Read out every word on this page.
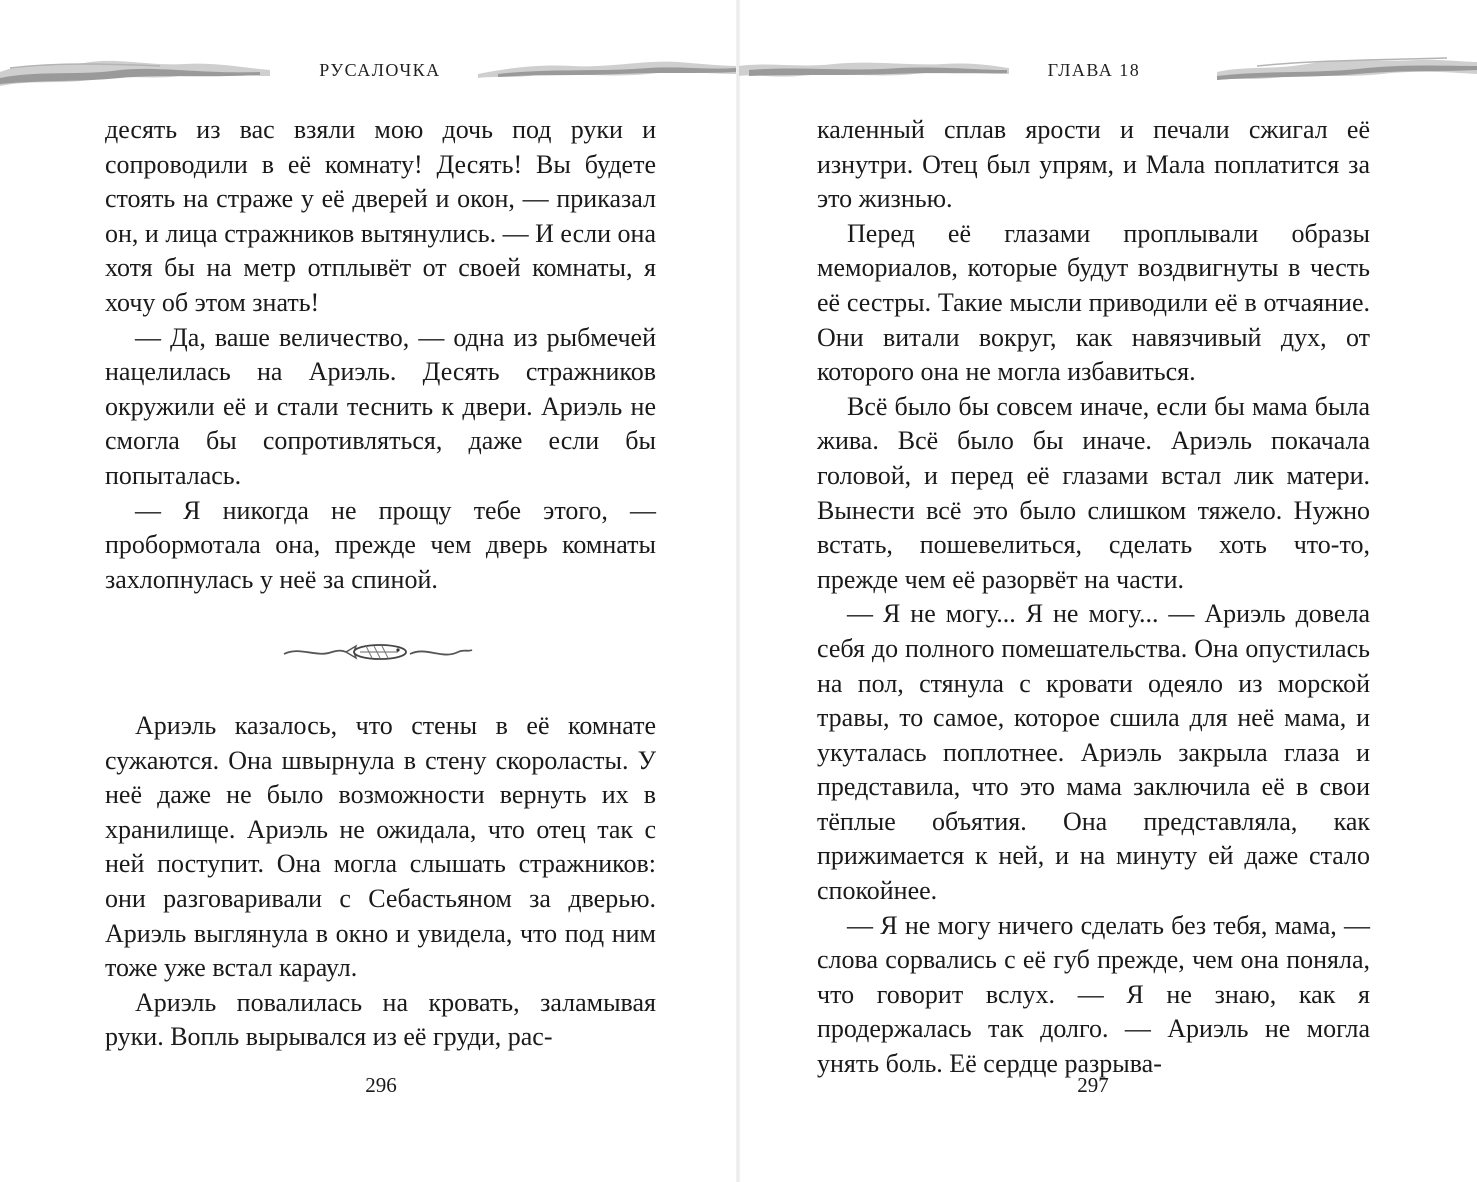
РУСАЛОЧКА

десять из вас взяли мою дочь под руки и сопроводили в её комнату! Десять! Вы будете стоять на страже у её дверей и окон, — приказал он, и лица стражников вытянулись. — И если она хотя бы на метр отплывёт от своей комнаты, я хочу об этом знать!

— Да, ваше величество, — одна из рыбмечей нацелилась на Ариэль. Десять стражников окружили её и стали теснить к двери. Ариэль не смогла бы сопротивляться, даже если бы попыталась.

— Я никогда не прощу тебе этого, — пробормотала она, прежде чем дверь комнаты захлопнулась у неё за спиной.

Ариэль казалось, что стены в её комнате сужаются. Она швырнула в стену скороласты. У неё даже не было возможности вернуть их в хранилище. Ариэль не ожидала, что отец так с ней поступит. Она могла слышать стражников: они разговаривали с Себастьяном за дверью. Ариэль выглянула в окно и увидела, что под ним тоже уже встал караул.

Ариэль повалилась на кровать, заламывая руки. Вопль вырывался из её груди, рас-

296
ГЛАВА 18

каленный сплав ярости и печали сжигал её изнутри. Отец был упрям, и Мала поплатится за это жизнью.

Перед её глазами проплывали образы мемориалов, которые будут воздвигнуты в честь её сестры. Такие мысли приводили её в отчаяние. Они витали вокруг, как навязчивый дух, от которого она не могла избавиться.

Всё было бы совсем иначе, если бы мама была жива. Всё было бы иначе. Ариэль покачала головой, и перед её глазами встал лик матери. Вынести всё это было слишком тяжело. Нужно встать, пошевелиться, сделать хоть что-то, прежде чем её разорвёт на части.

— Я не могу... Я не могу... — Ариэль довела себя до полного помешательства. Она опустилась на пол, стянула с кровати одеяло из морской травы, то самое, которое сшила для неё мама, и укуталась поплотнее. Ариэль закрыла глаза и представила, что это мама заключила её в свои тёплые объятия. Она представляла, как прижимается к ней, и на минуту ей даже стало спокойнее.

— Я не могу ничего сделать без тебя, мама, — слова сорвались с её губ прежде, чем она поняла, что говорит вслух. — Я не знаю, как я продержалась так долго. — Ариэль не могла унять боль. Её сердце разрыва-

297
